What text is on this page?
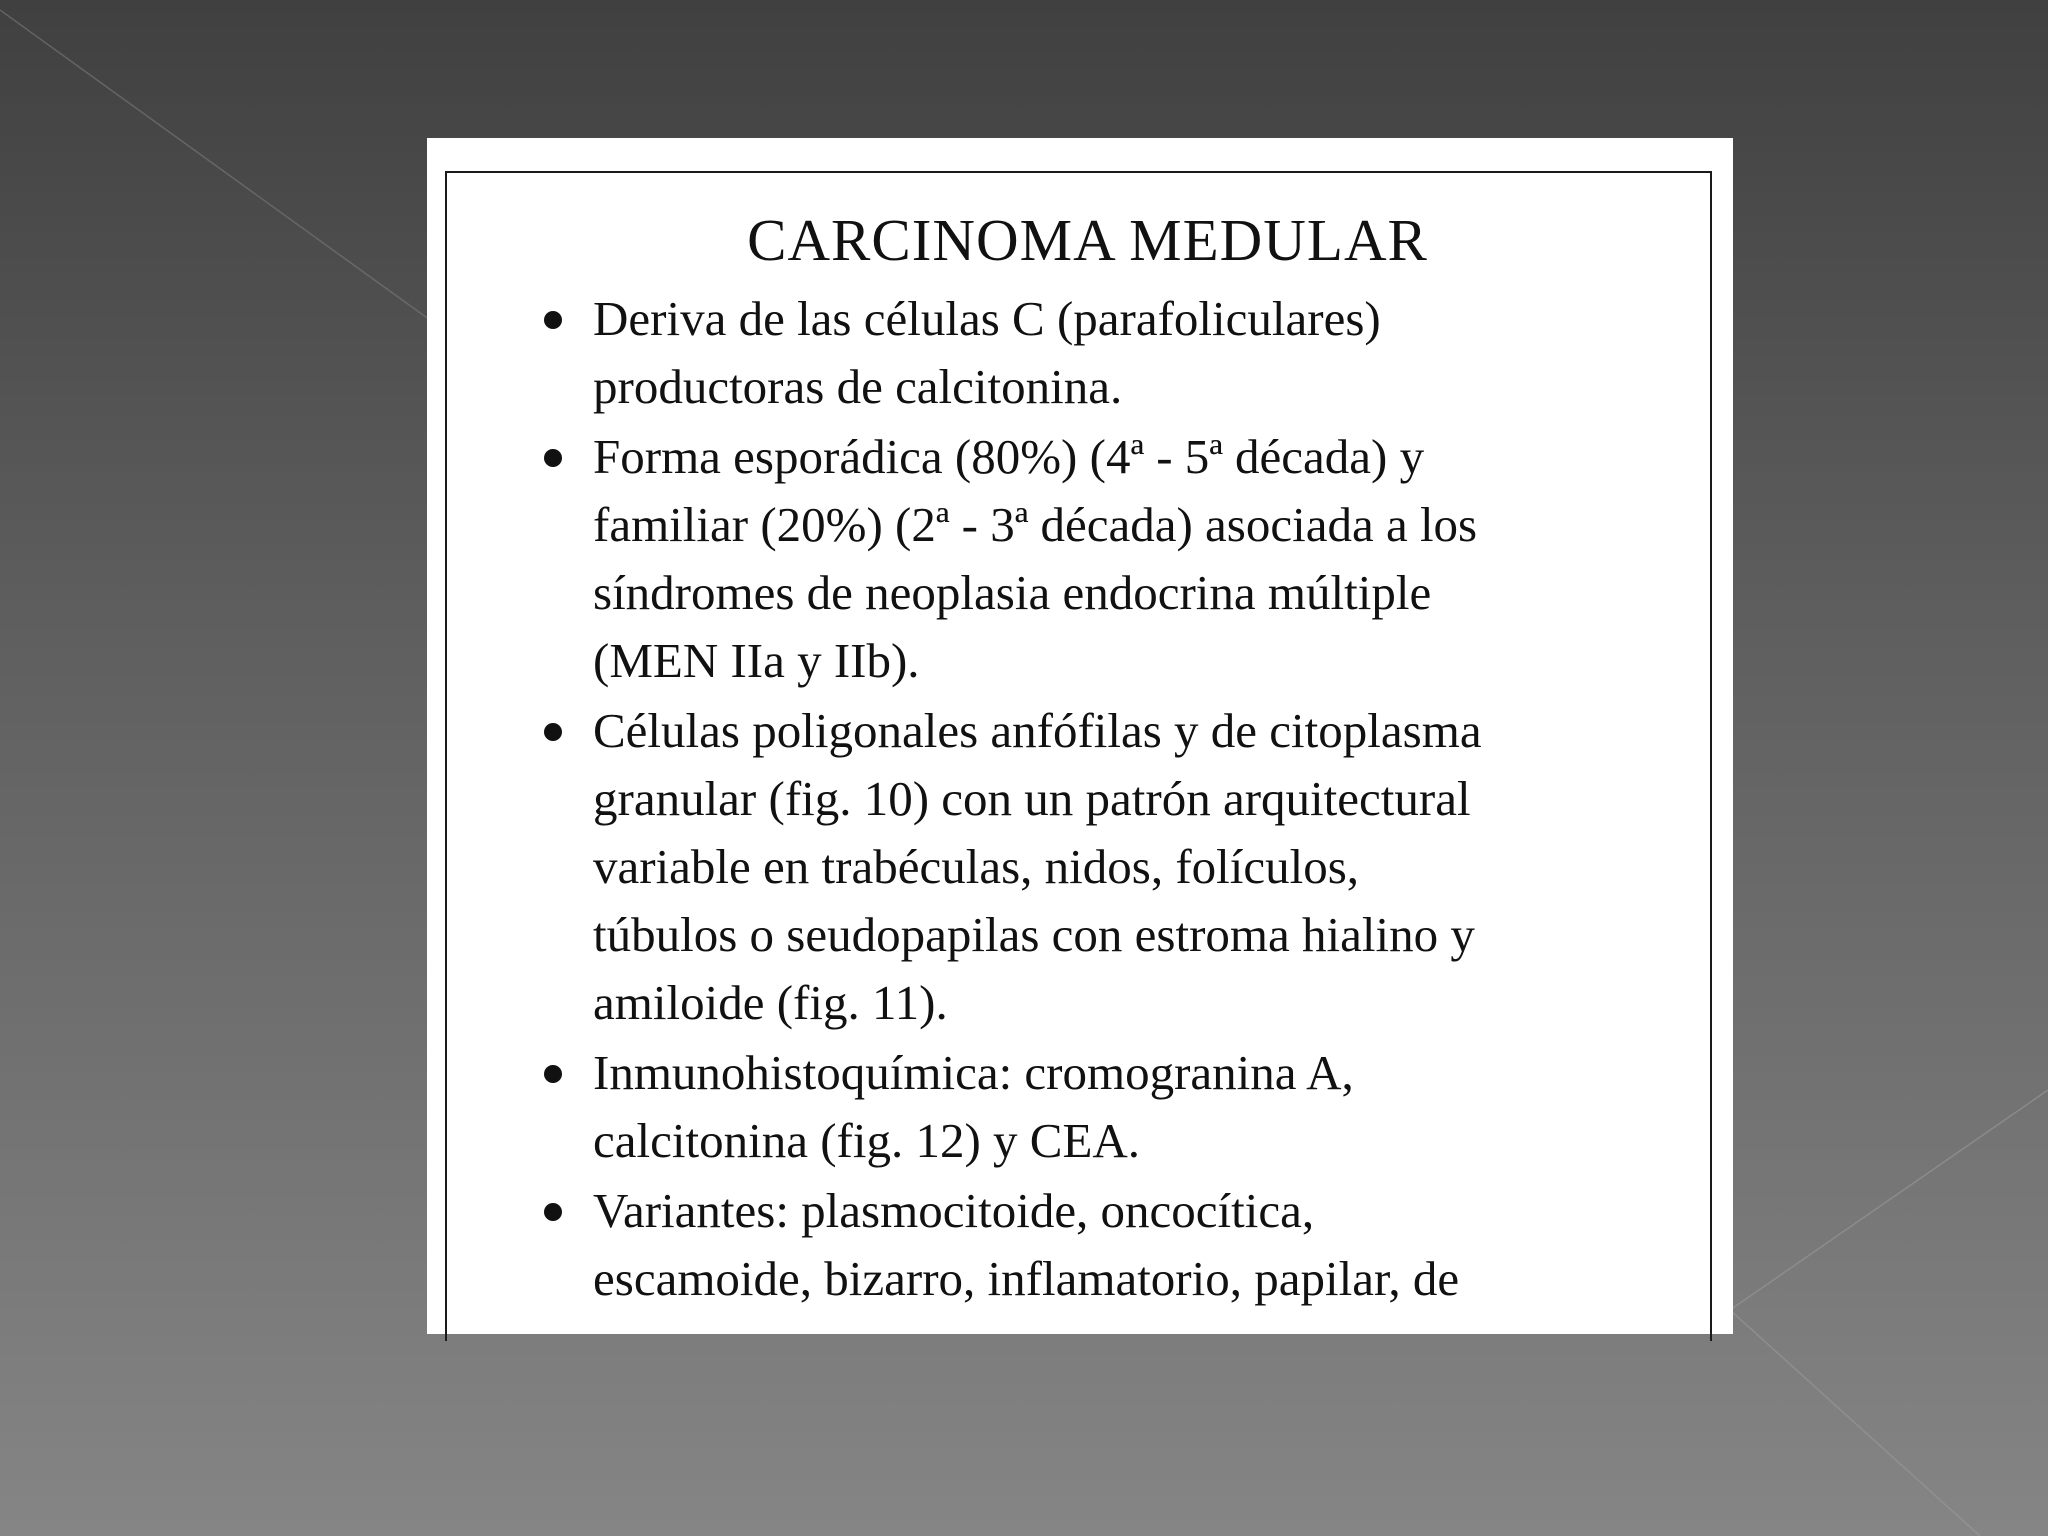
CARCINOMA MEDULAR
Deriva de las células C (parafoliculares)
productoras de calcitonina.
Forma esporádica (80%) (4ª - 5ª década) y
familiar (20%) (2ª - 3ª década) asociada a los
síndromes de neoplasia endocrina múltiple
(MEN IIa y IIb).
Células poligonales anfófilas y de citoplasma
granular (fig. 10) con un patrón arquitectural
variable en trabéculas, nidos, folículos,
túbulos o seudopapilas con estroma hialino y
amiloide (fig. 11).
Inmunohistoquímica: cromogranina A,
calcitonina (fig. 12) y CEA.
Variantes: plasmocitoide, oncocítica,
escamoide, bizarro, inflamatorio, papilar, de
